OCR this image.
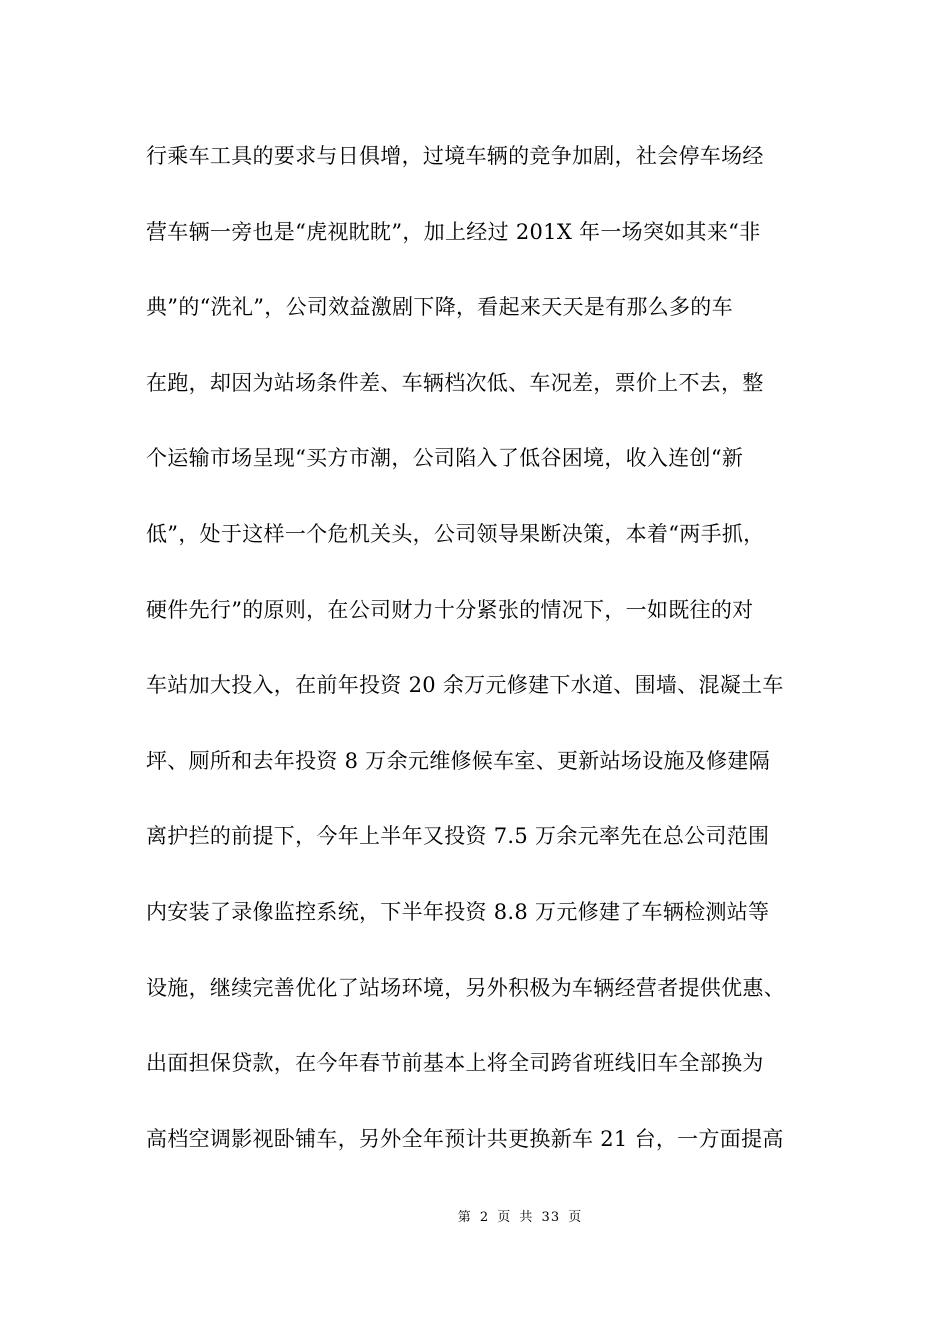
行乘车工具的要求与日俱增，过境车辆的竞争加剧，社会停车场经
营车辆一旁也是“虎视眈眈”，加上经过 201X 年一场突如其来“非
典”的“洗礼”，公司效益激剧下降，看起来天天是有那么多的车
在跑，却因为站场条件差、车辆档次低、车况差，票价上不去，整
个运输市场呈现“买方市潮，公司陷入了低谷困境，收入连创“新
低”，处于这样一个危机关头，公司领导果断决策，本着“两手抓，
硬件先行”的原则，在公司财力十分紧张的情况下，一如既往的对
车站加大投入，在前年投资 20 余万元修建下水道、围墙、混凝土车
坪、厕所和去年投资 8 万余元维修候车室、更新站场设施及修建隔
离护拦的前提下，今年上半年又投资 7.5 万余元率先在总公司范围
内安装了录像监控系统，下半年投资 8.8 万元修建了车辆检测站等
设施，继续完善优化了站场环境，另外积极为车辆经营者提供优惠、
出面担保贷款，在今年春节前基本上将全司跨省班线旧车全部换为
高档空调影视卧铺车，另外全年预计共更换新车 21 台，一方面提高
第 2 页 共 33 页
